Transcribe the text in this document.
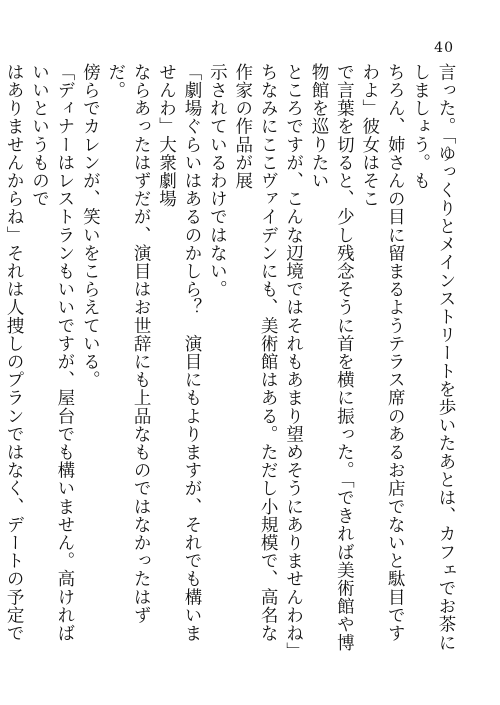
40

言った。「ゆっくりとメインストリートを歩いたあとは、カフェでお茶にしましょう。も

ちろん、姉さんの目に留まるようテラス席のあるお店でないと駄目ですわよ」彼女はそこ

で言葉を切ると、少し残念そうに首を横に振った。「できれば美術館や博物館を巡りたい

ところですが、こんな辺境ではそれもあまり望めそうにありませんわね」

ちなみにここヴァイデンにも、美術館はある。ただし小規模で、高名な作家の作品が展

示されているわけではない。

「劇場ぐらいはあるのかしら？　演目にもよりますが、それでも構いませんわ」大衆劇場

ならあったはずだが、演目はお世辞にも上品なものではなかったはずだ。

傍らでカレンが、笑いをこらえている。

「ディナーはレストランもいいですが、屋台でも構いません。高ければいいというもので

はありませんからね」それは人捜しのプランではなく、デートの予定で
